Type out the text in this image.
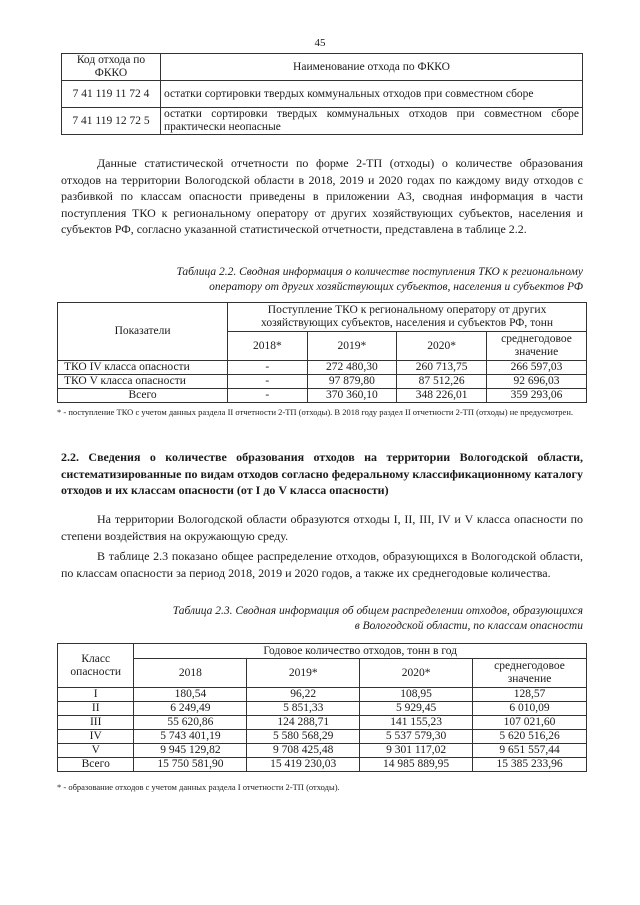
45
Код отхода по ФККО	Наименование отхода по ФККО
7 41 119 11 72 4	остатки сортировки твердых коммунальных отходов при совместном сборе
7 41 119 12 72 5	остатки сортировки твердых коммунальных отходов при совместном сборе практически неопасные

Данные статистической отчетности по форме 2-ТП (отходы) о количестве образования отходов на территории Вологодской области в 2018, 2019 и 2020 годах по каждому виду отходов с разбивкой по классам опасности приведены в приложении А3, сводная информация в части поступления ТКО к региональному оператору от других хозяйствующих субъектов, населения и субъектов РФ, согласно указанной статистической отчетности, представлена в таблице 2.2.

Таблица 2.2. Сводная информация о количестве поступления ТКО к региональному
оператору от других хозяйствующих субъектов, населения и субъектов РФ

Показатели	Поступление ТКО к региональному оператору от других хозяйствующих субъектов, населения и субъектов РФ, тонн			
	2018*	2019*	2020*	среднегодовое значение
ТКО IV класса опасности	-	272 480,30	260 713,75	266 597,03
ТКО V класса опасности	-	97 879,80	87 512,26	92 696,03
Всего	-	370 360,10	348 226,01	359 293,06

* - поступление ТКО с учетом данных раздела II отчетности 2-ТП (отходы). В 2018 году раздел II отчетности 2-ТП (отходы) не предусмотрен.

2.2. Сведения о количестве образования отходов на территории Вологодской области, систематизированные по видам отходов согласно федеральному классификационному каталогу отходов и их классам опасности (от I до V класса опасности)

На территории Вологодской области образуются отходы I, II, III, IV и V класса опасности по степени воздействия на окружающую среду.

В таблице 2.3 показано общее распределение отходов, образующихся в Вологодской области, по классам опасности за период 2018, 2019 и 2020 годов, а также их среднегодовые количества.

Таблица 2.3. Сводная информация об общем распределении отходов, образующихся
в Вологодской области, по классам опасности

Класс опасности	Годовое количество отходов, тонн в год			
	2018	2019*	2020*	среднегодовое значение
I	180,54	96,22	108,95	128,57
II	6 249,49	5 851,33	5 929,45	6 010,09
III	55 620,86	124 288,71	141 155,23	107 021,60
IV	5 743 401,19	5 580 568,29	5 537 579,30	5 620 516,26
V	9 945 129,82	9 708 425,48	9 301 117,02	9 651 557,44
Всего	15 750 581,90	15 419 230,03	14 985 889,95	15 385 233,96

* - образование отходов с учетом данных раздела I отчетности 2-ТП (отходы).
